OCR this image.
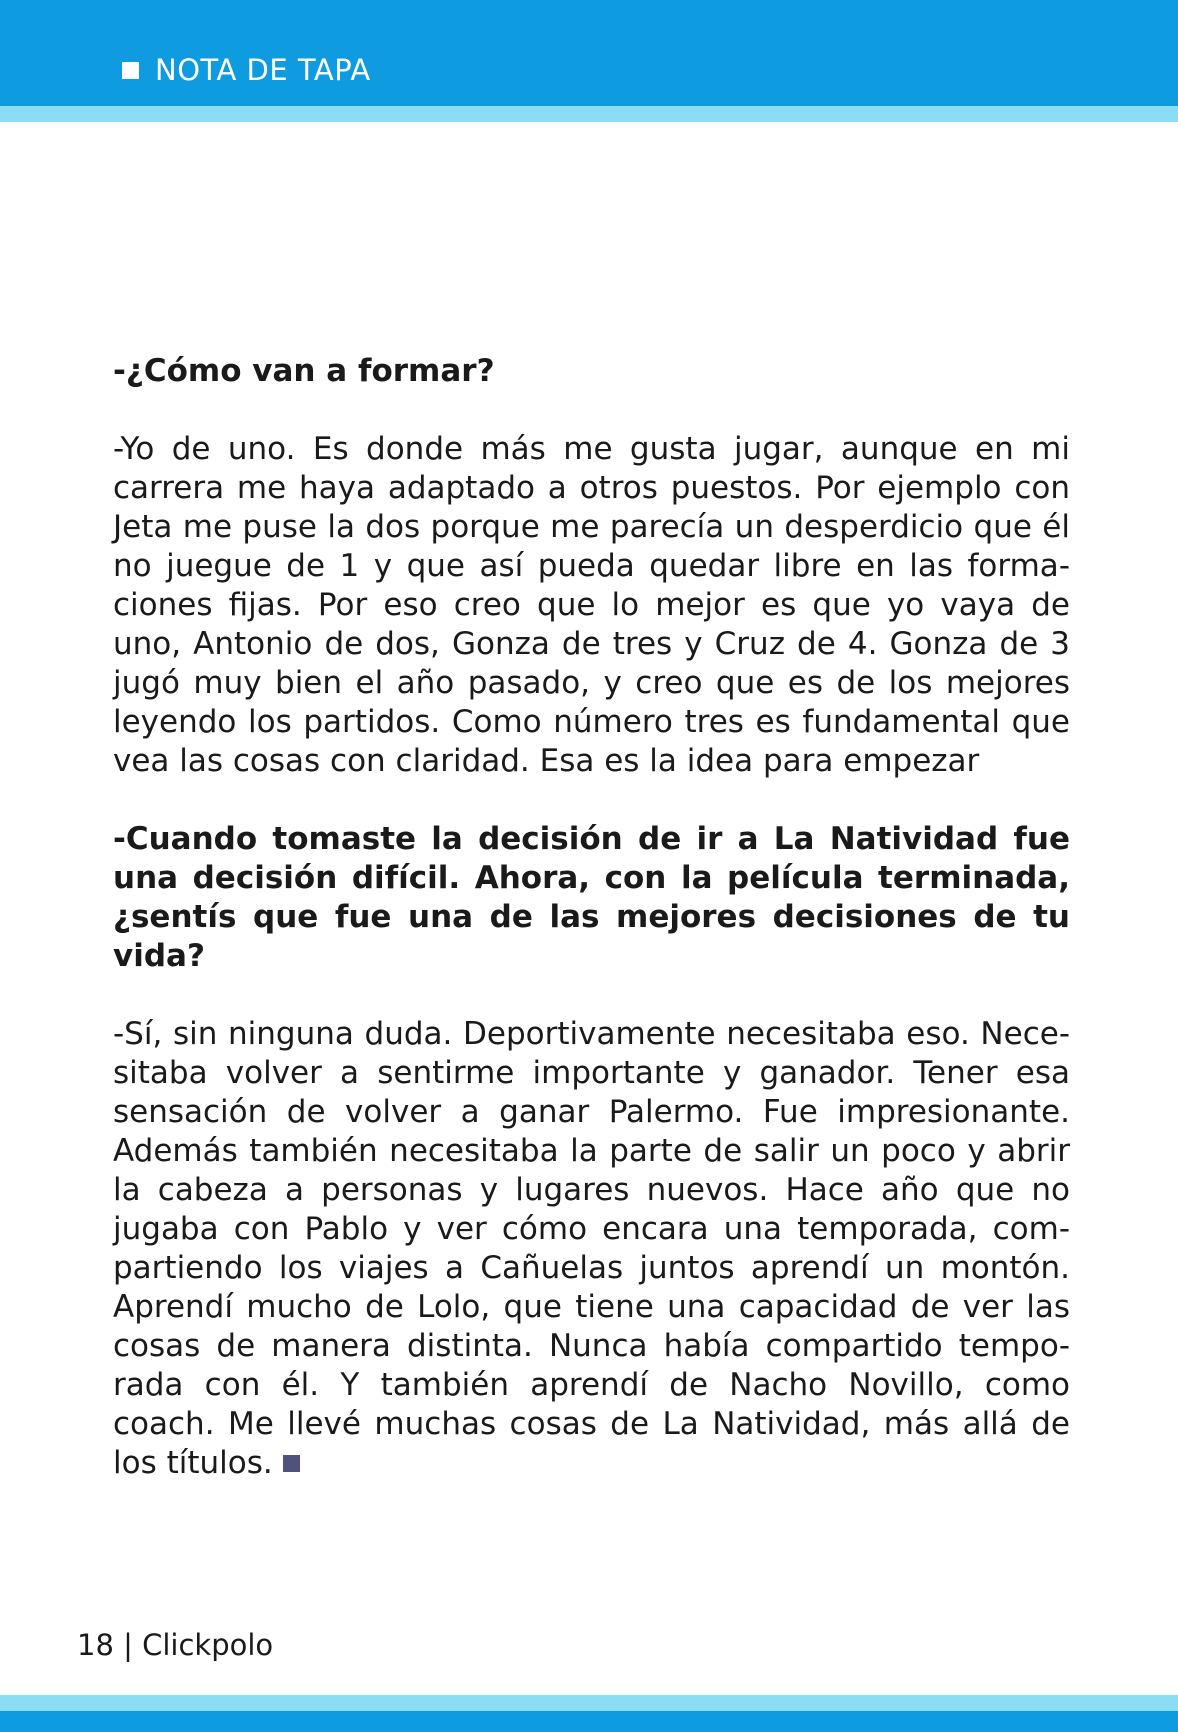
NOTA DE TAPA

-¿Cómo van a formar?

-Yo de uno. Es donde más me gusta jugar, aunque en mi carrera me haya adaptado a otros puestos. Por ejemplo con Jeta me puse la dos porque me parecía un desperdicio que él no juegue de 1 y que así pueda quedar libre en las formaciones fijas. Por eso creo que lo mejor es que yo vaya de uno, Antonio de dos, Gonza de tres y Cruz de 4. Gonza de 3 jugó muy bien el año pasado, y creo que es de los mejores leyendo los partidos. Como número tres es fundamental que vea las cosas con claridad. Esa es la idea para empezar

-Cuando tomaste la decisión de ir a La Natividad fue una decisión difícil. Ahora, con la película terminada, ¿sentís que fue una de las mejores decisiones de tu vida?

-Sí, sin ninguna duda. Deportivamente necesitaba eso. Necesitaba volver a sentirme importante y ganador. Tener esa sensación de volver a ganar Palermo. Fue impresionante. Además también necesitaba la parte de salir un poco y abrir la cabeza a personas y lugares nuevos. Hace año que no jugaba con Pablo y ver cómo encara una temporada, compartiendo los viajes a Cañuelas juntos aprendí un montón. Aprendí mucho de Lolo, que tiene una capacidad de ver las cosas de manera distinta. Nunca había compartido temporada con él. Y también aprendí de Nacho Novillo, como coach. Me llevé muchas cosas de La Natividad, más allá de los títulos.

18 | Clickpolo
